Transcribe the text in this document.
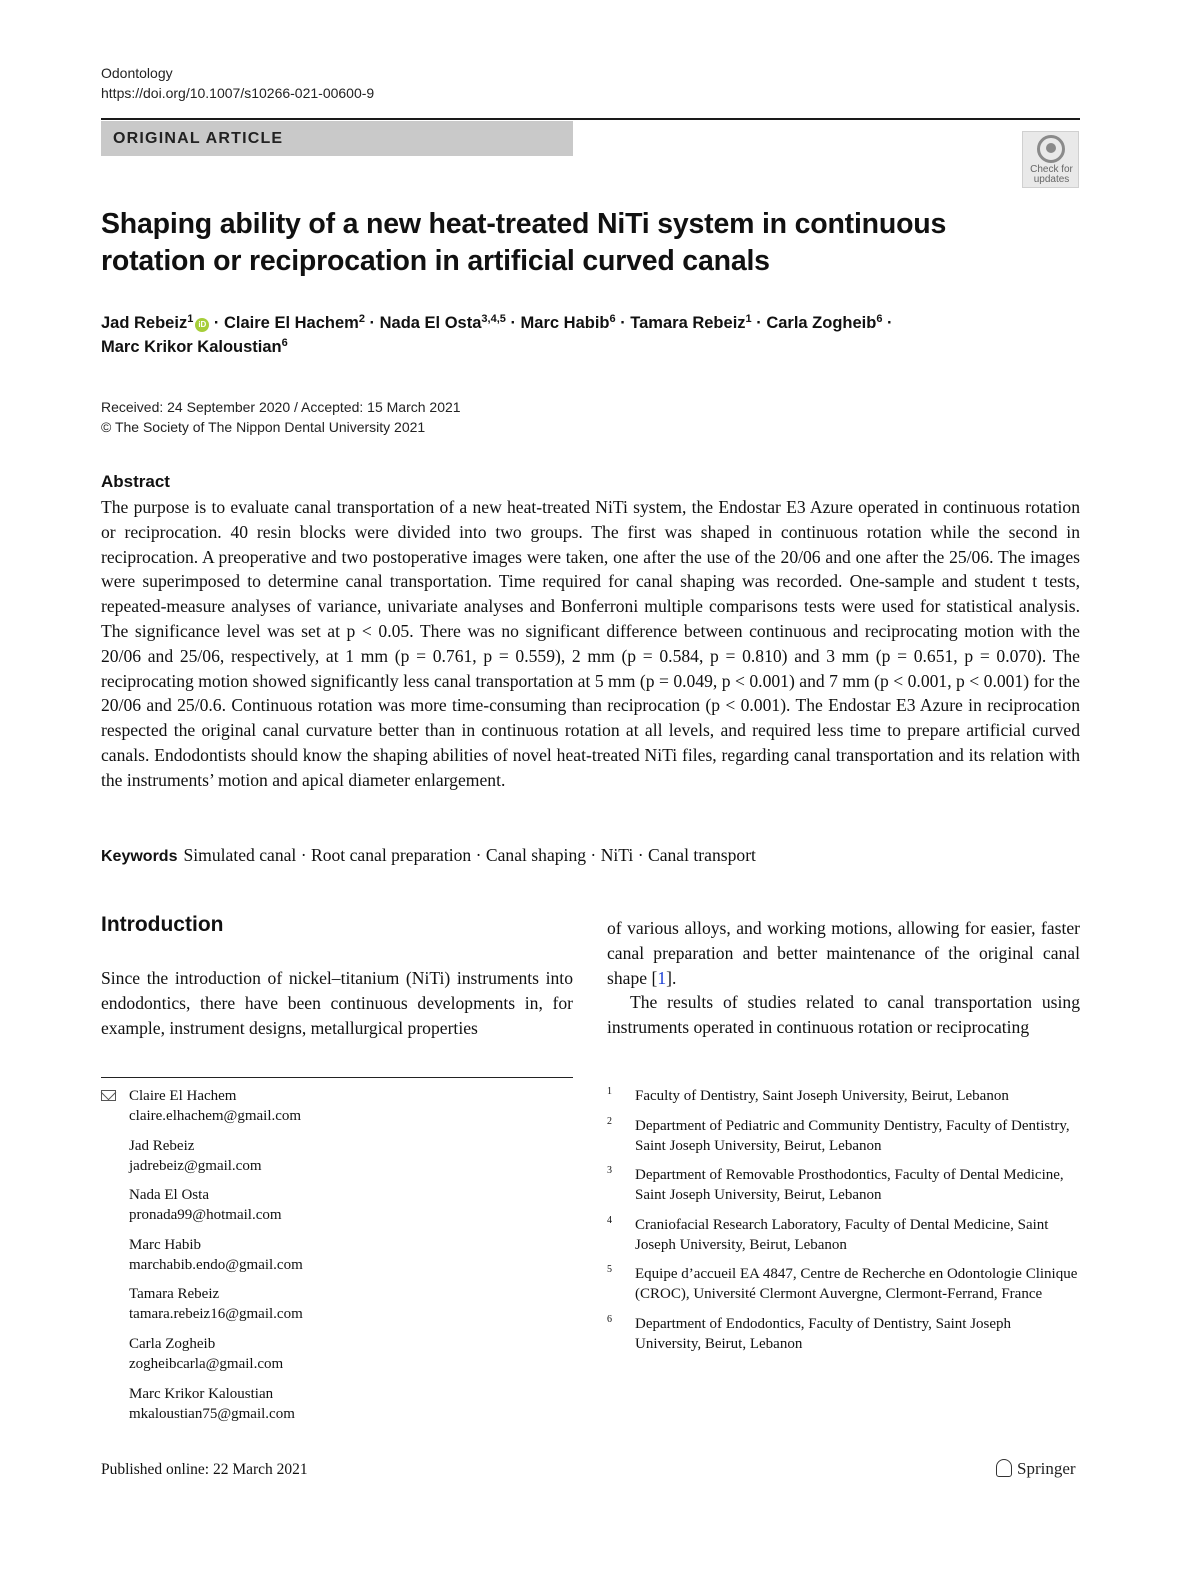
Odontology
https://doi.org/10.1007/s10266-021-00600-9
ORIGINAL ARTICLE
Check for updates
Shaping ability of a new heat-treated NiTi system in continuous
rotation or reciprocation in artificial curved canals
Jad Rebeiz$^1$ iD · Claire El Hachem$^2$ · Nada El Osta$^{3,4,5}$ · Marc Habib$^6$ · Tamara Rebeiz$^1$ · Carla Zogheib$^6$ ·
Marc Krikor Kaloustian$^6$
Received: 24 September 2020 / Accepted: 15 March 2021
© The Society of The Nippon Dental University 2021
Abstract
The purpose is to evaluate canal transportation of a new heat-treated NiTi system, the Endostar E3 Azure operated in continuous rotation or reciprocation. 40 resin blocks were divided into two groups. The first was shaped in continuous rotation while the second in reciprocation. A preoperative and two postoperative images were taken, one after the use of the 20/06 and one after the 25/06. The images were superimposed to determine canal transportation. Time required for canal shaping was recorded. One-sample and student t tests, repeated-measure analyses of variance, univariate analyses and Bonferroni multiple comparisons tests were used for statistical analysis. The significance level was set at p < 0.05. There was no significant difference between continuous and reciprocating motion with the 20/06 and 25/06, respectively, at 1 mm (p = 0.761, p = 0.559), 2 mm (p = 0.584, p = 0.810) and 3 mm (p = 0.651, p = 0.070). The reciprocating motion showed significantly less canal transportation at 5 mm (p = 0.049, p < 0.001) and 7 mm (p < 0.001, p < 0.001) for the 20/06 and 25/0.6. Continuous rotation was more time-consuming than reciprocation (p < 0.001). The Endostar E3 Azure in reciprocation respected the original canal curvature better than in continuous rotation at all levels, and required less time to prepare artificial curved canals. Endodontists should know the shaping abilities of novel heat-treated NiTi files, regarding canal transportation and its relation with the instruments’ motion and apical diameter enlargement.
Keywords Simulated canal · Root canal preparation · Canal shaping · NiTi · Canal transport
Introduction
Since the introduction of nickel–titanium (NiTi) instruments into endodontics, there have been continuous developments in, for example, instrument designs, metallurgical properties

of various alloys, and working motions, allowing for easier, faster canal preparation and better maintenance of the original canal shape [1].

The results of studies related to canal transportation using instruments operated in continuous rotation or reciprocating

Claire El Hachem
claire.elhachem@gmail.com
Jad Rebeiz
jadrebeiz@gmail.com
Nada El Osta
pronada99@hotmail.com
Marc Habib
marchabib.endo@gmail.com
Tamara Rebeiz
tamara.rebeiz16@gmail.com
Carla Zogheib
zogheibcarla@gmail.com
Marc Krikor Kaloustian
mkaloustian75@gmail.com
1 Faculty of Dentistry, Saint Joseph University, Beirut, Lebanon
2 Department of Pediatric and Community Dentistry, Faculty of Dentistry, Saint Joseph University, Beirut, Lebanon
3 Department of Removable Prosthodontics, Faculty of Dental Medicine, Saint Joseph University, Beirut, Lebanon
4 Craniofacial Research Laboratory, Faculty of Dental Medicine, Saint Joseph University, Beirut, Lebanon
5 Equipe d’accueil EA 4847, Centre de Recherche en Odontologie Clinique (CROC), Université Clermont Auvergne, Clermont-Ferrand, France
6 Department of Endodontics, Faculty of Dentistry, Saint Joseph University, Beirut, Lebanon
Published online: 22 March 2021	Springer
